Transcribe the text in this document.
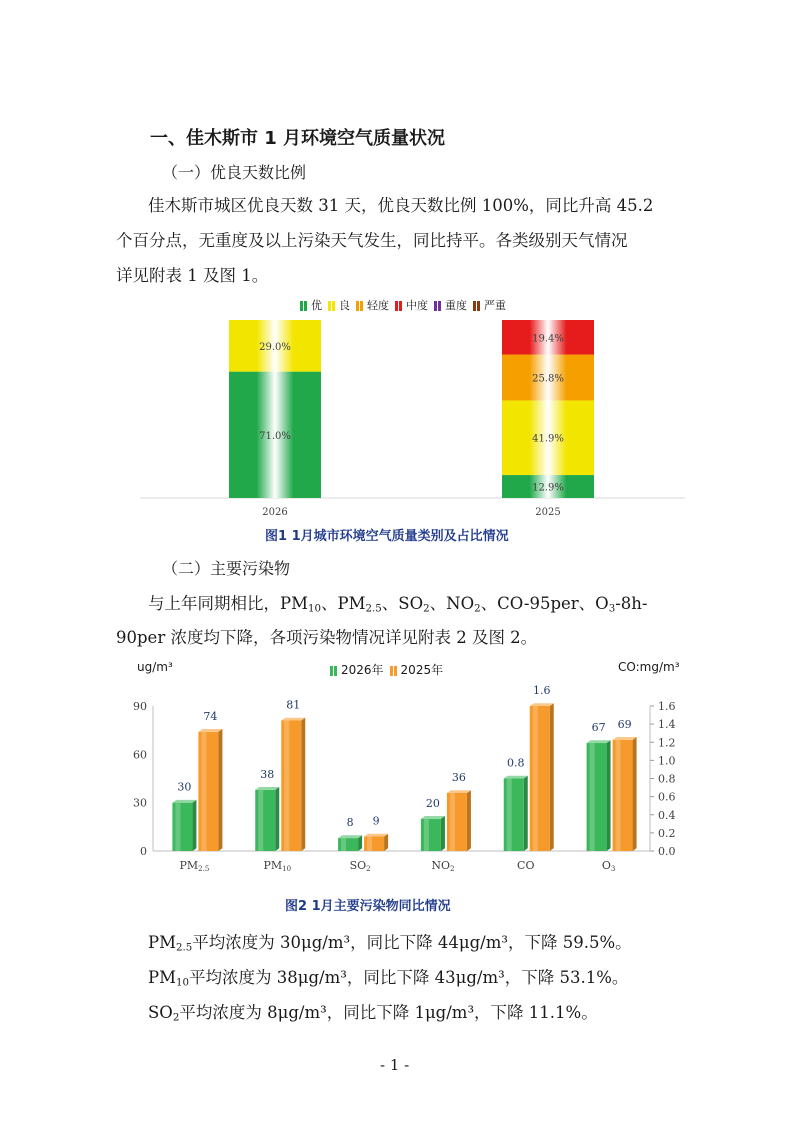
一、佳木斯市 1 月环境空气质量状况
（一）优良天数比例
佳木斯市城区优良天数 31 天，优良天数比例 100%，同比升高 45.2
个百分点，无重度及以上污染天气发生，同比持平。各类级别天气情况
详见附表 1 及图 1。
优 良 轻度 中度 重度 严重
71.0%
29.0%
2026
12.9%
41.9%
25.8%
19.4%
2025
图1 1月城市环境空气质量类别及占比情况
（二）主要污染物
与上年同期相比，$PM_{10}$、$PM_{2.5}$、$SO_2$、$NO_2$、CO-95per、$O_3-8h-$
90per 浓度均下降，各项污染物情况详见附表 2 及图 2。
ug/m³	CO:mg/m³
2026年 2025年
0
30
60
90
0.0
0.2
0.4
0.6
0.8
1.0
1.2
1.4
1.6
30
74
PM2.5
38
81
PM10
8 9
SO2
20
36
NO2
0.8
1.6
CO
67 69
O3
图2 1月主要污染物同比情况
$PM_{2.5}$平均浓度为 30μg/m³，同比下降 44μg/m³，下降 59.5%。
$PM_{10}$平均浓度为 38μg/m³，同比下降 43μg/m³，下降 53.1%。
$SO_2$平均浓度为 8μg/m³，同比下降 1μg/m³，下降 11.1%。
- 1 -
